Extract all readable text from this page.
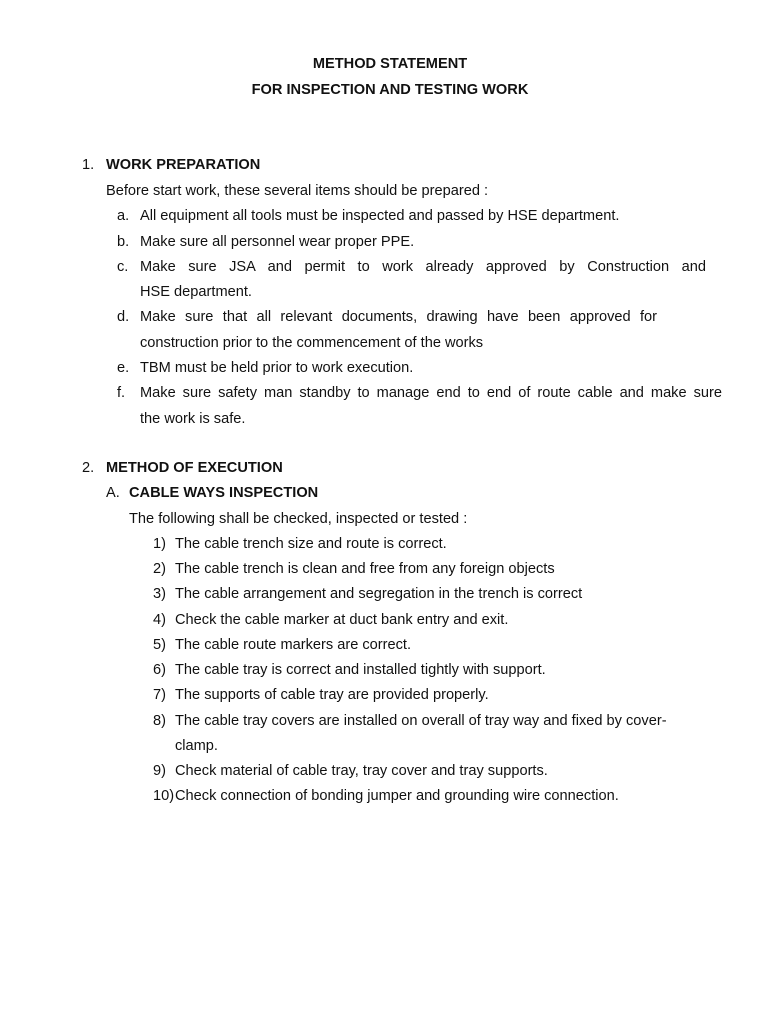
METHOD STATEMENT
FOR INSPECTION AND TESTING WORK
1. WORK PREPARATION
Before start work, these several items should be prepared :
a. All equipment all tools must be inspected and passed by HSE department.
b. Make sure all personnel wear proper PPE.
c. Make sure JSA and permit to work already approved by Construction and
HSE department.
d. Make sure that all relevant documents, drawing have been approved for
construction prior to the commencement of the works
e. TBM must be held prior to work execution.
f. Make sure safety man standby to manage end to end of route cable and make sure
the work is safe.
2. METHOD OF EXECUTION
A. CABLE WAYS INSPECTION
The following shall be checked, inspected or tested :
1) The cable trench size and route is correct.
2) The cable trench is clean and free from any foreign objects
3) The cable arrangement and segregation in the trench is correct
4) Check the cable marker at duct bank entry and exit.
5) The cable route markers are correct.
6) The cable tray is correct and installed tightly with support.
7) The supports of cable tray are provided properly.
8) The cable tray covers are installed on overall of tray way and fixed by cover-
clamp.
9) Check material of cable tray, tray cover and tray supports.
10) Check connection of bonding jumper and grounding wire connection.
